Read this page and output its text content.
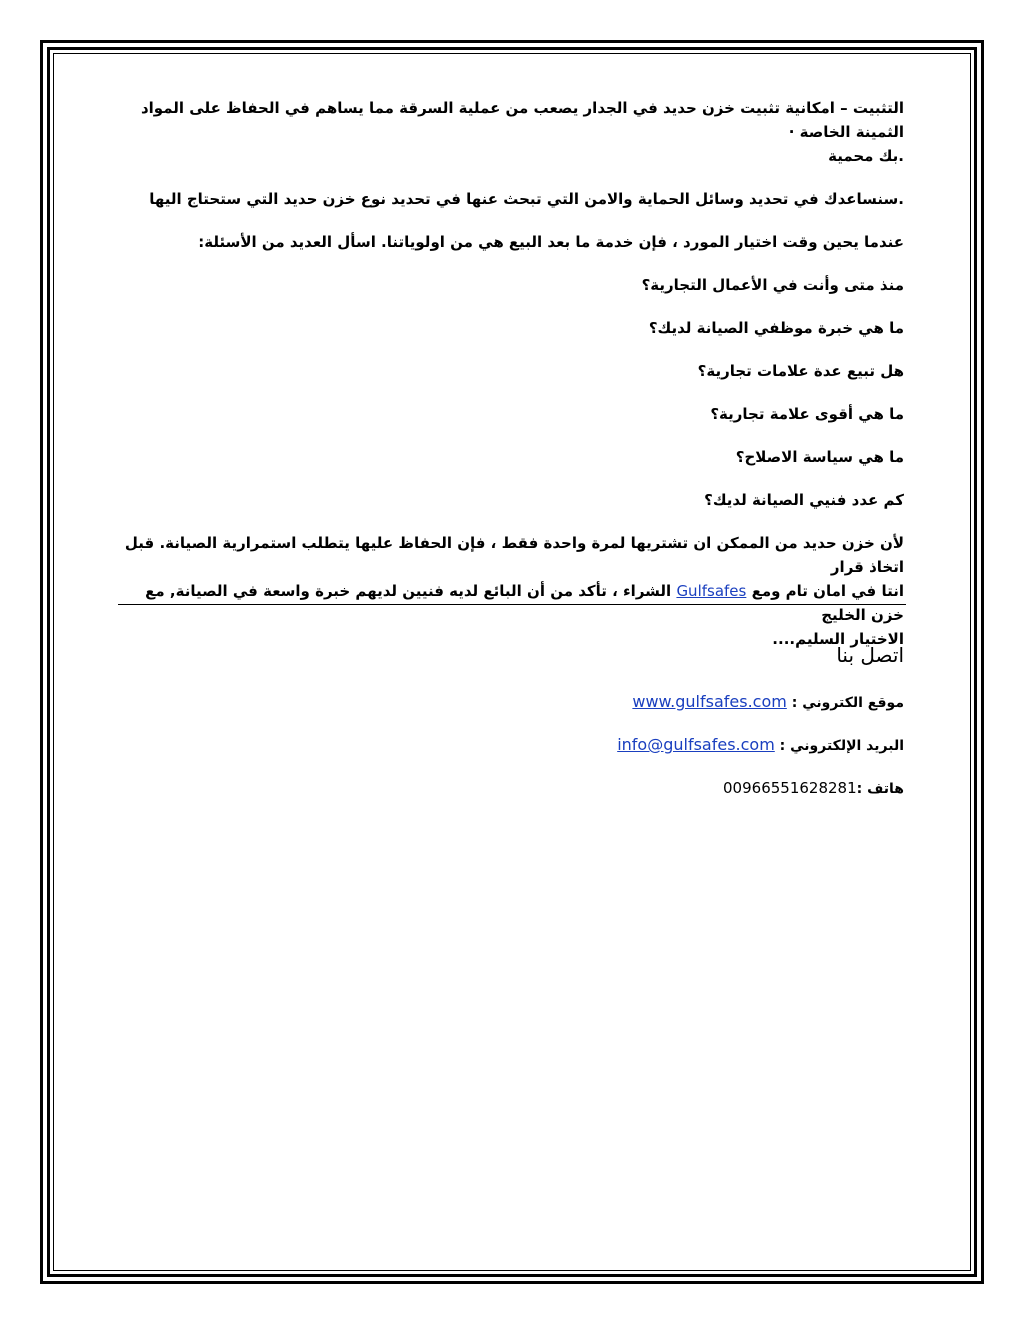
التثبيت – امكانية تثبيت خزن حديد في الجدار يصعب من عملية السرقة مما يساهم في الحفاظ على المواد الثمينة الخاصة ·
.بك محمية
.سنساعدك في تحديد وسائل الحماية والامن التي تبحث عنها في تحديد نوع خزن حديد التي ستحتاج اليها
عندما يحين وقت اختيار المورد ، فإن خدمة ما بعد البيع هي من اولوياتنا. اسأل العديد من الأسئلة:
منذ متى وأنت في الأعمال التجارية؟
ما هي خبرة موظفي الصيانة لديك؟
هل تبيع عدة علامات تجارية؟
ما هي أقوى علامة تجارية؟
ما هي سياسة الاصلاح؟
كم عدد فنيي الصيانة لديك؟
لأن خزن حديد من الممكن ان تشتريها لمرة واحدة فقط ، فإن الحفاظ عليها يتطلب استمرارية الصيانة. قبل اتخاذ قرار
انتا في امان تام ومع Gulfsafes الشراء ، تأكد من أن البائع لديه فنيين لديهم خبرة واسعة في الصيانة, مع خزن الخليج
الاختيار السليم....
اتصل بنا
موقع الكتروني : www.gulfsafes.com
البريد الإلكتروني : info@gulfsafes.com
هاتف :00966551628281
